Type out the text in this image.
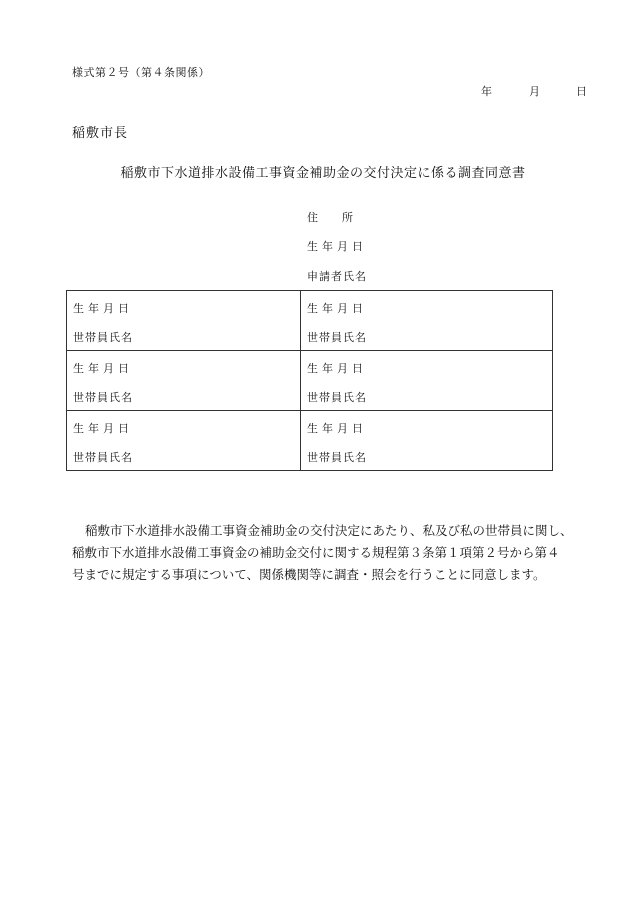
様式第２号（第４条関係）
年	月	日
稲敷市長
稲敷市下水道排水設備工事資金補助金の交付決定に係る調査同意書
住所
生年月日
申請者氏名
生年月日
世帯員氏名
生年月日
世帯員氏名
生年月日
世帯員氏名
生年月日
世帯員氏名
生年月日
世帯員氏名
生年月日
世帯員氏名

稲敷市下水道排水設備工事資金補助金の交付決定にあたり、私及び私の世帯員に関し、

稲敷市下水道排水設備工事資金の補助金交付に関する規程第３条第１項第２号から第４

号までに規定する事項について、関係機関等に調査・照会を行うことに同意します。
